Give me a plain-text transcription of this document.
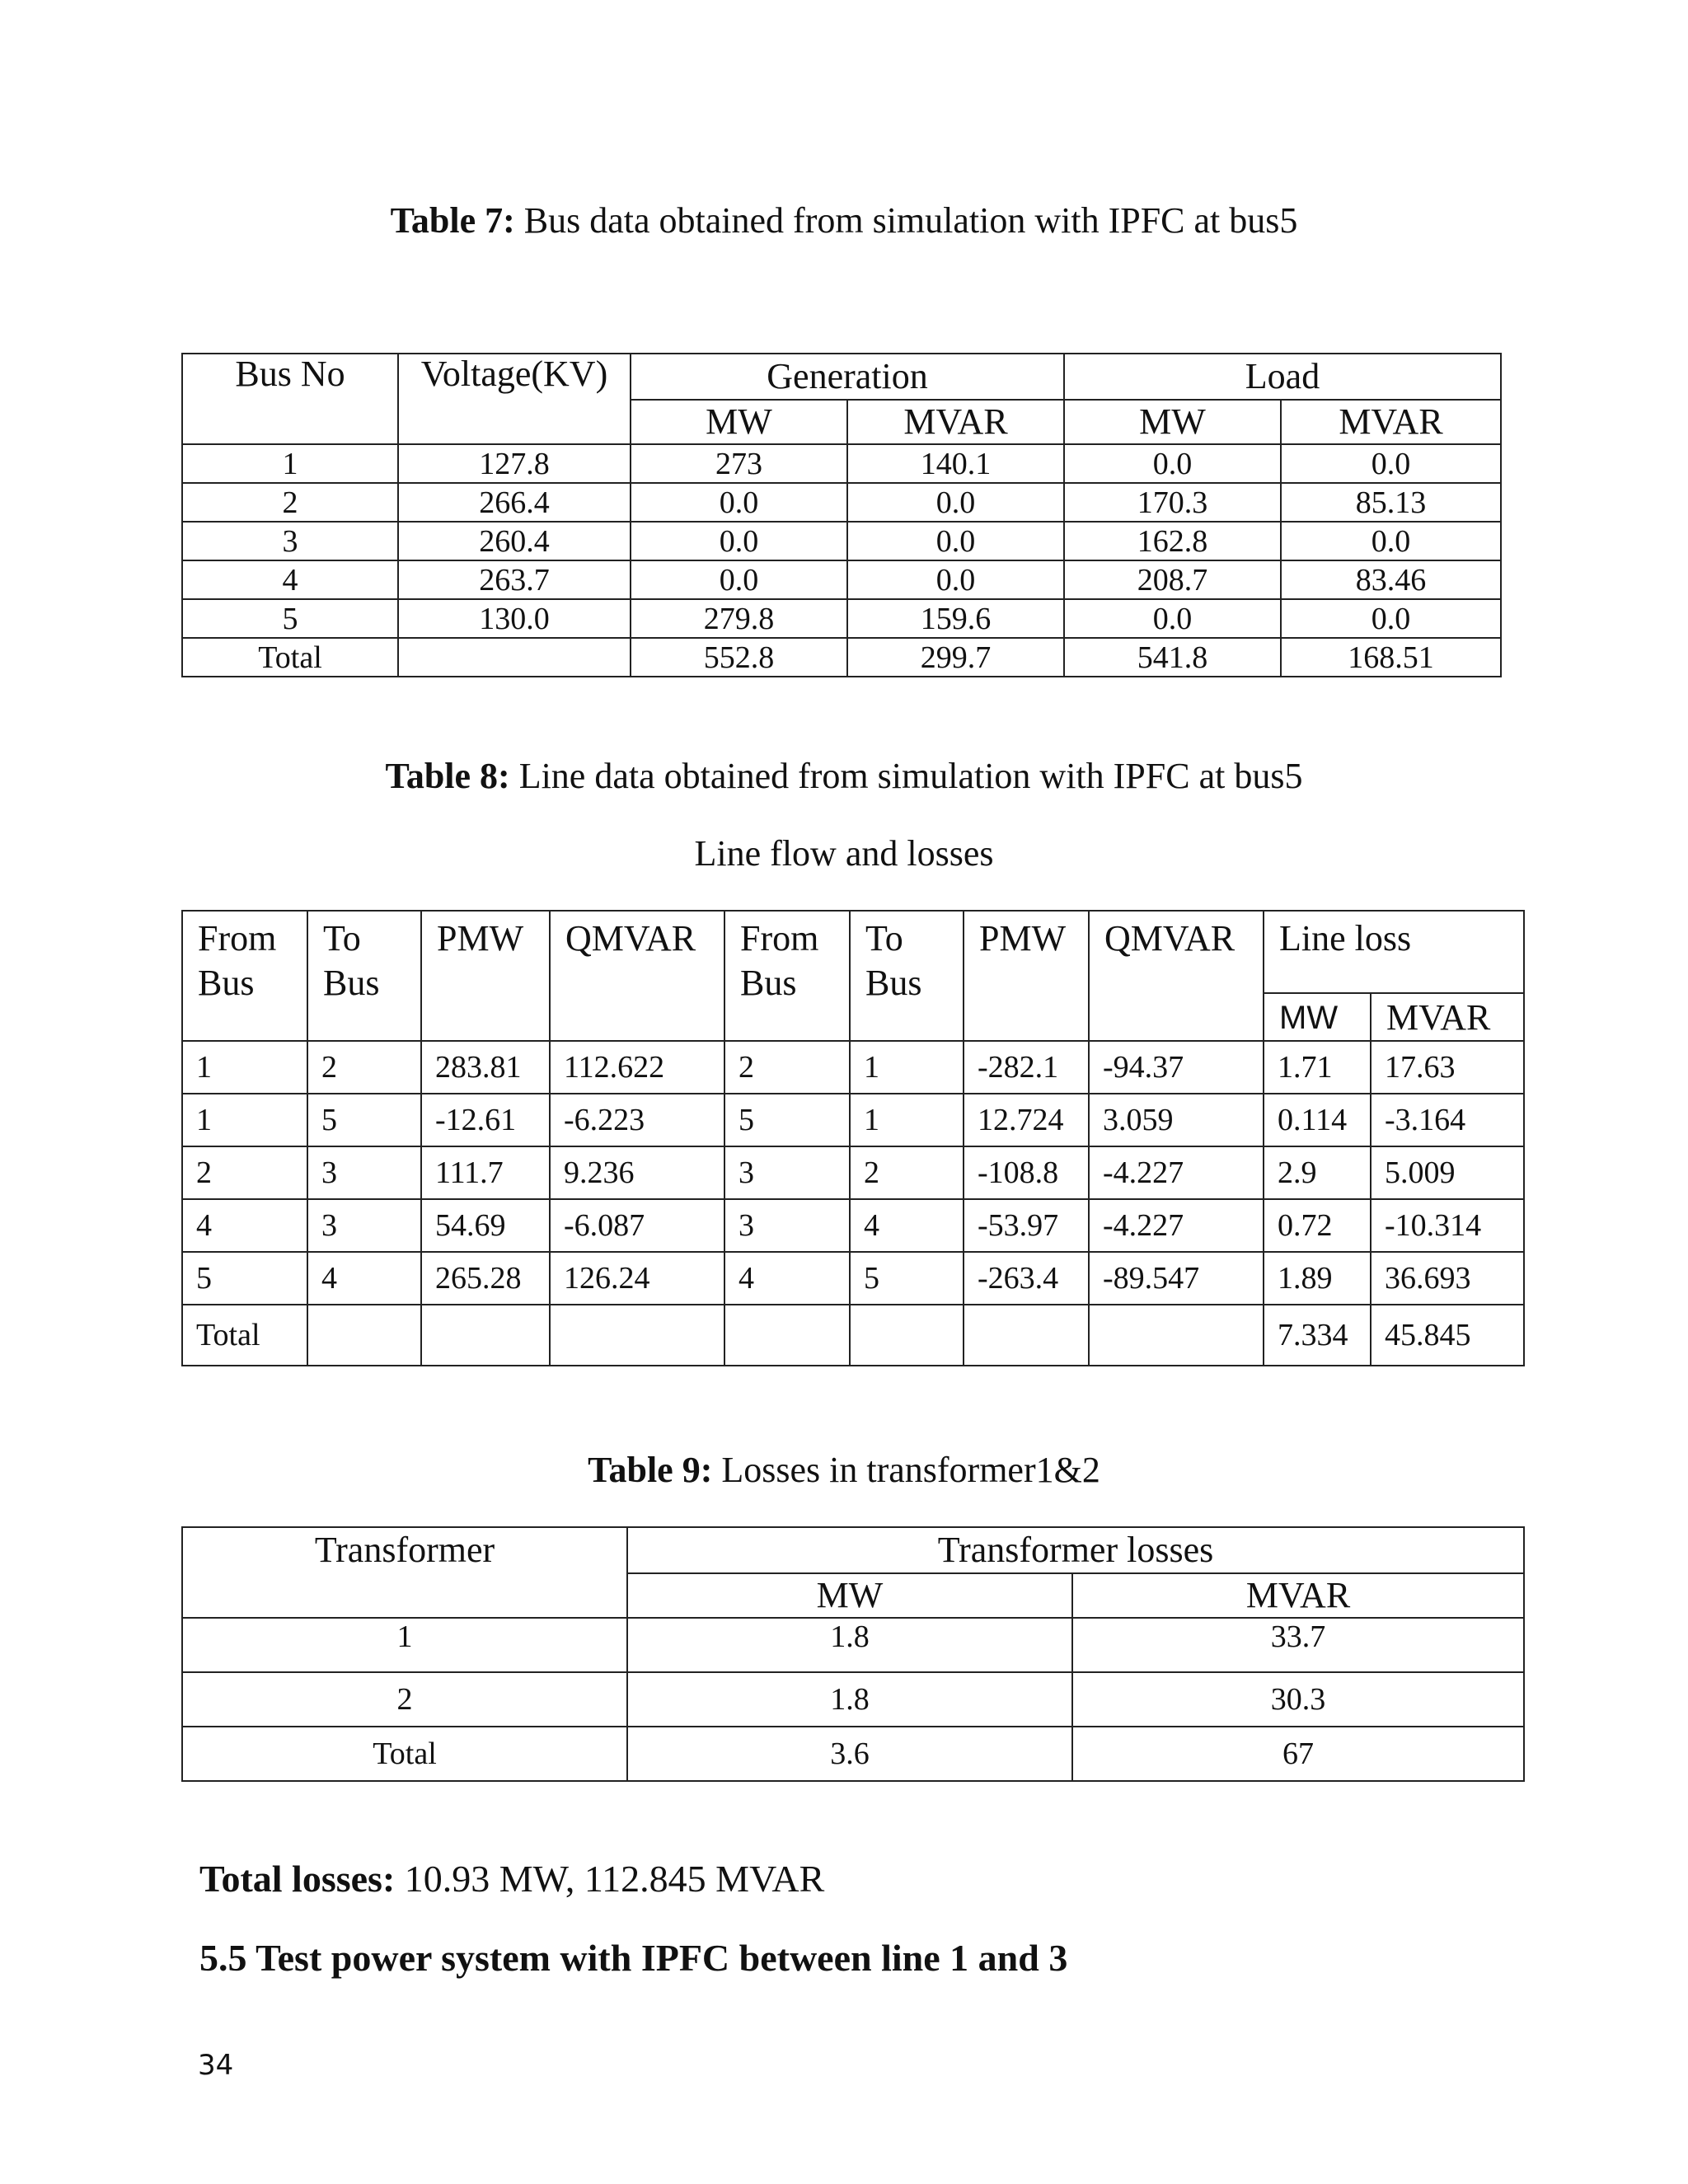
Table 7: Bus data obtained from simulation with IPFC at bus5
Bus No	Voltage(KV)	Generation		Load	
		MW	MVAR	MW	MVAR
1	127.8	273	140.1	0.0	0.0
2	266.4	0.0	0.0	170.3	85.13
3	260.4	0.0	0.0	162.8	0.0
4	263.7	0.0	0.0	208.7	83.46
5	130.0	279.8	159.6	0.0	0.0
Total		552.8	299.7	541.8	168.51
Table 8: Line data obtained from simulation with IPFC at bus5
Line flow and losses
From Bus	To Bus	PMW	QMVAR	From Bus	To Bus	PMW	QMVAR	Line loss	
								MW	MVAR
1	2	283.81	112.622	2	1	-282.1	-94.37	1.71	17.63
1	5	-12.61	-6.223	5	1	12.724	3.059	0.114	-3.164
2	3	111.7	9.236	3	2	-108.8	-4.227	2.9	5.009
4	3	54.69	-6.087	3	4	-53.97	-4.227	0.72	-10.314
5	4	265.28	126.24	4	5	-263.4	-89.547	1.89	36.693
Total								7.334	45.845
Table 9: Losses in transformer1&2
Transformer	Transformer losses	
	MW	MVAR
1	1.8	33.7
2	1.8	30.3
Total	3.6	67
Total losses: 10.93 MW, 112.845 MVAR
5.5 Test power system with IPFC between line 1 and 3
34
